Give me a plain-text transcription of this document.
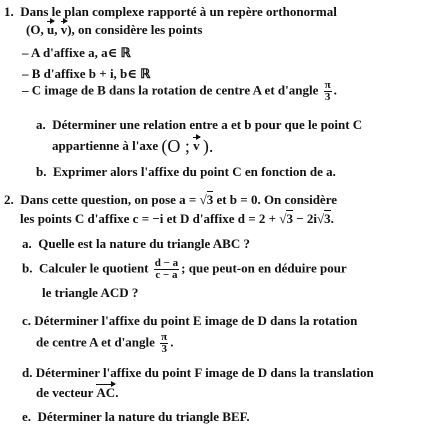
1. Dans le plan complexe rapporté à un repère orthonormal
(O, u, v), on considère les points
– A d'affixe a, a∈ ℝ
– B d'affixe b + i, b∈ ℝ
– C image de B dans la rotation de centre A et d'angle $\frac{\pi}{3}$ .
a. Déterminer une relation entre a et b pour que le point C
appartienne à l'axe (O ; v ).
b. Exprimer alors l'affixe du point C en fonction de a.
2. Dans cette question, on pose a = √3 et b = 0. On considère
les points C d'affixe c = −i et D d'affixe d = 2 + √3 − 2i√3.
a. Quelle est la nature du triangle ABC ?
b. Calculer le quotient $\frac{d - a}{c - a}$ ; que peut-on en déduire pour
le triangle ACD ?
c. Déterminer l'affixe du point E image de D dans la rotation
de centre A et d'angle $\frac{\pi}{3}$ .
d. Déterminer l'affixe du point F image de D dans la translation
de vecteur AC.
e. Déterminer la nature du triangle BEF.
